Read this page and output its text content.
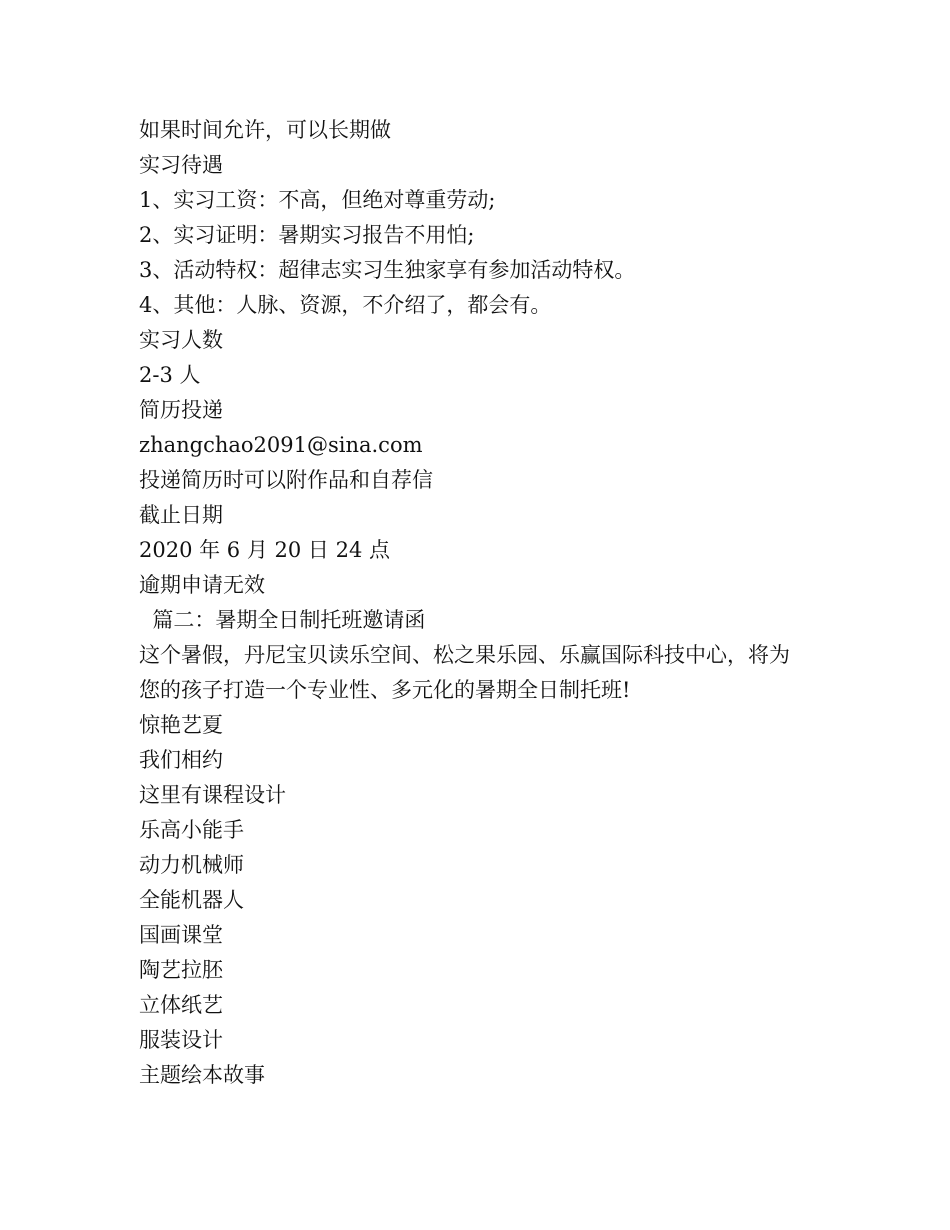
如果时间允许，可以长期做
实习待遇
1、实习工资：不高，但绝对尊重劳动;
2、实习证明：暑期实习报告不用怕;
3、活动特权：超律志实习生独家享有参加活动特权。
4、其他：人脉、资源，不介绍了，都会有。
实习人数
2-3 人
简历投递
zhangchao2091@sina.com
投递简历时可以附作品和自荐信
截止日期
2020 年 6 月 20 日 24 点
逾期申请无效
篇二：暑期全日制托班邀请函
这个暑假，丹尼宝贝读乐空间、松之果乐园、乐赢国际科技中心，将为
您的孩子打造一个专业性、多元化的暑期全日制托班!
惊艳艺夏
我们相约
这里有课程设计
乐高小能手
动力机械师
全能机器人
国画课堂
陶艺拉胚
立体纸艺
服装设计
主题绘本故事
